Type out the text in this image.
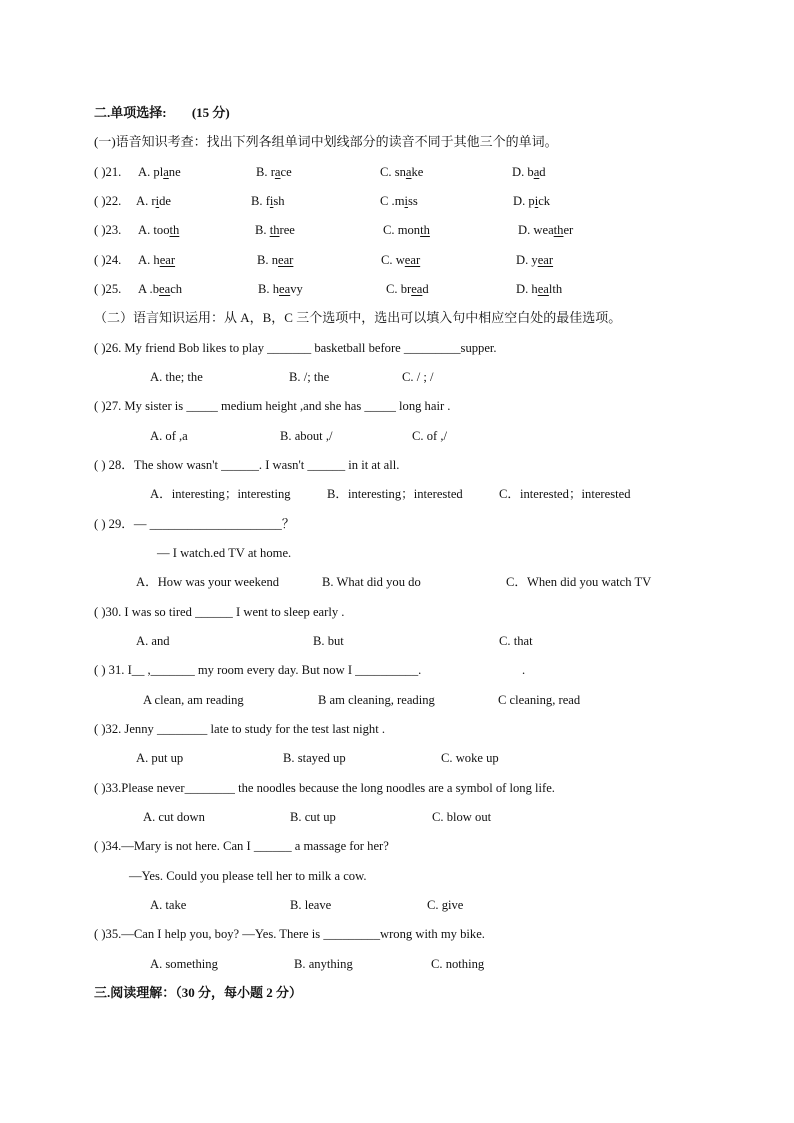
二.单项选择: (15 分)
(一)语音知识考查：找出下列各组单词中划线部分的读音不同于其他三个的单词。
( )21. A. plane	B. race	C. snake	D. bad
( )22. A. ride	B. fish	C .miss	D. pick
( )23. A. tooth	B. three	C. month	D. weather
( )24. A. hear	B. near	C. wear	D. year
( )25. A .beach	B. heavy	C. bread	D. health
（二）语言知识运用：从 A，B，C 三个选项中，选出可以填入句中相应空白处的最佳选项。
( )26. My friend Bob likes to play _______ basketball before _________supper.
A. the; the	B. /; the	C. / ; /
( )27. My sister is _____ medium height ,and she has _____ long hair .
A. of ,a	B. about ,/	C. of ,/
( ) 28．The show wasn't ______. I wasn't ______ in it at all.
A．interesting；interesting	B．interesting；interested	C．interested；interested
( ) 29．— _____________________？
— I watch.ed TV at home.
A．How was your weekend	B. What did you do	C．When did you watch TV
( )30. I was so tired ______ I went to sleep early .
A. and	B. but	C. that
( ) 31. I__ ,_______ my room every day. But now I __________.	.
A clean, am reading	B am cleaning, reading	C cleaning, read
( )32. Jenny ________ late to study for the test last night .
A. put up	B. stayed up	C. woke up
( )33.Please never________ the noodles because the long noodles are a symbol of long life.
A. cut down	B. cut up	C. blow out
( )34.—Mary is not here. Can I ______ a massage for her?
—Yes. Could you please tell her to milk a cow.
A. take	B. leave	C. give
( )35.—Can I help you, boy? —Yes. There is _________wrong with my bike.
A. something	B. anything	C. nothing
三.阅读理解：（30 分，每小题 2 分）
